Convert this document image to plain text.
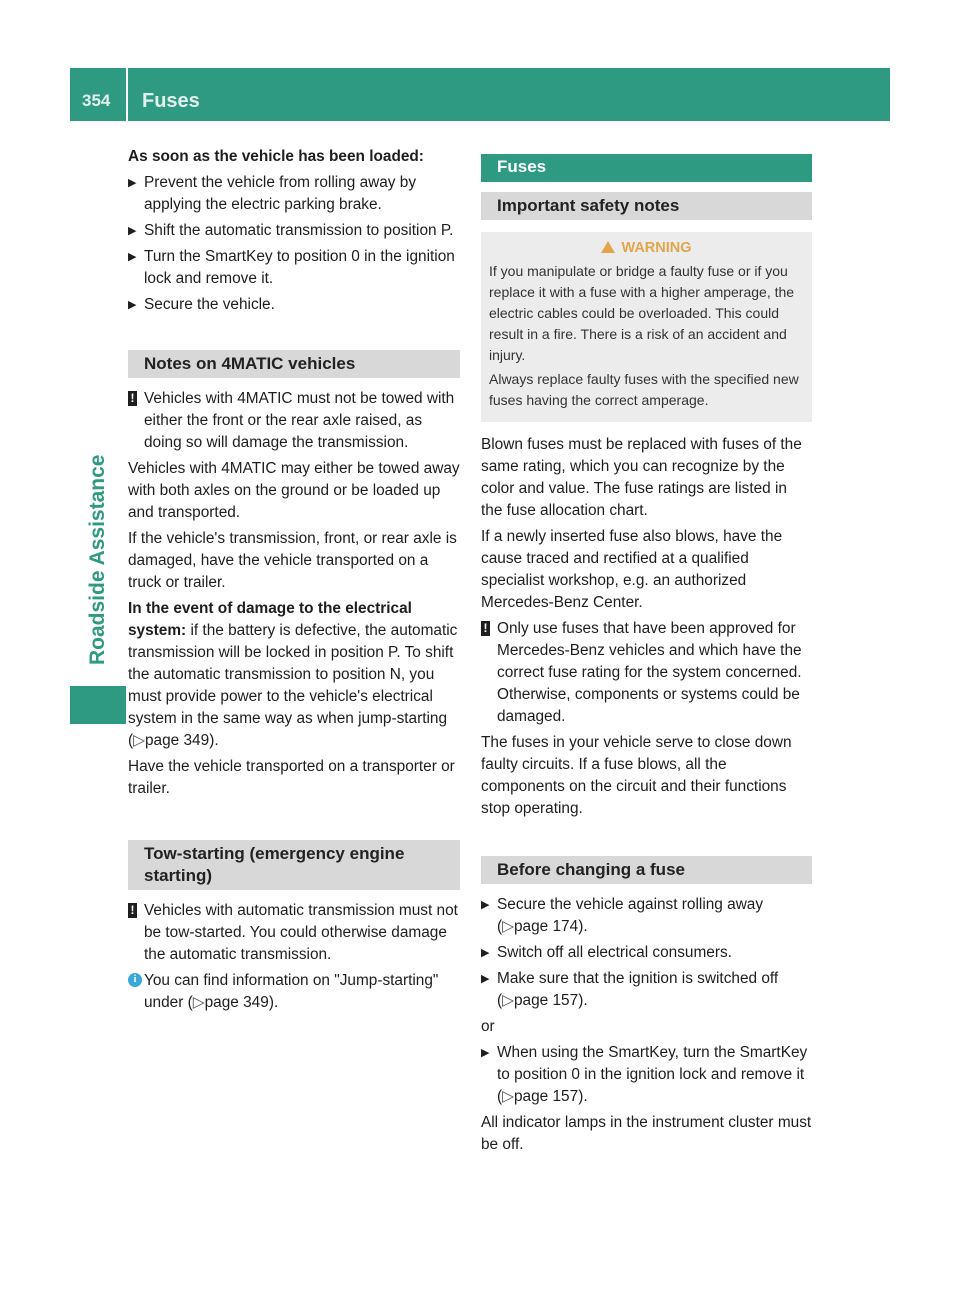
354 Fuses
Roadside Assistance

As soon as the vehicle has been loaded:

▶ Prevent the vehicle from rolling away by applying the electric parking brake.
▶ Shift the automatic transmission to position P.
▶ Turn the SmartKey to position 0 in the ignition lock and remove it.
▶ Secure the vehicle.
Notes on 4MATIC vehicles
! Vehicles with 4MATIC must not be towed with either the front or the rear axle raised, as doing so will damage the transmission.

Vehicles with 4MATIC may either be towed away with both axles on the ground or be loaded up and transported.

If the vehicle's transmission, front, or rear axle is damaged, have the vehicle transported on a truck or trailer.

In the event of damage to the electrical system: if the battery is defective, the automatic transmission will be locked in position P. To shift the automatic transmission to position N, you must provide power to the vehicle's electrical system in the same way as when jump-starting (▷page 349).

Have the vehicle transported on a transporter or trailer.

Tow-starting (emergency engine starting)
! Vehicles with automatic transmission must not be tow-started. You could otherwise damage the automatic transmission.
i You can find information on "Jump-starting" under (▷page 349).
Fuses
Important safety notes
WARNING

If you manipulate or bridge a faulty fuse or if you replace it with a fuse with a higher amperage, the electric cables could be overloaded. This could result in a fire. There is a risk of an accident and injury.

Always replace faulty fuses with the specified new fuses having the correct amperage.

Blown fuses must be replaced with fuses of the same rating, which you can recognize by the color and value. The fuse ratings are listed in the fuse allocation chart.

If a newly inserted fuse also blows, have the cause traced and rectified at a qualified specialist workshop, e.g. an authorized Mercedes-Benz Center.

! Only use fuses that have been approved for Mercedes-Benz vehicles and which have the correct fuse rating for the system concerned. Otherwise, components or systems could be damaged.

The fuses in your vehicle serve to close down faulty circuits. If a fuse blows, all the components on the circuit and their functions stop operating.

Before changing a fuse
▶ Secure the vehicle against rolling away (▷page 174).
▶ Switch off all electrical consumers.
▶ Make sure that the ignition is switched off (▷page 157).

or

▶ When using the SmartKey, turn the SmartKey to position 0 in the ignition lock and remove it (▷page 157).

All indicator lamps in the instrument cluster must be off.
